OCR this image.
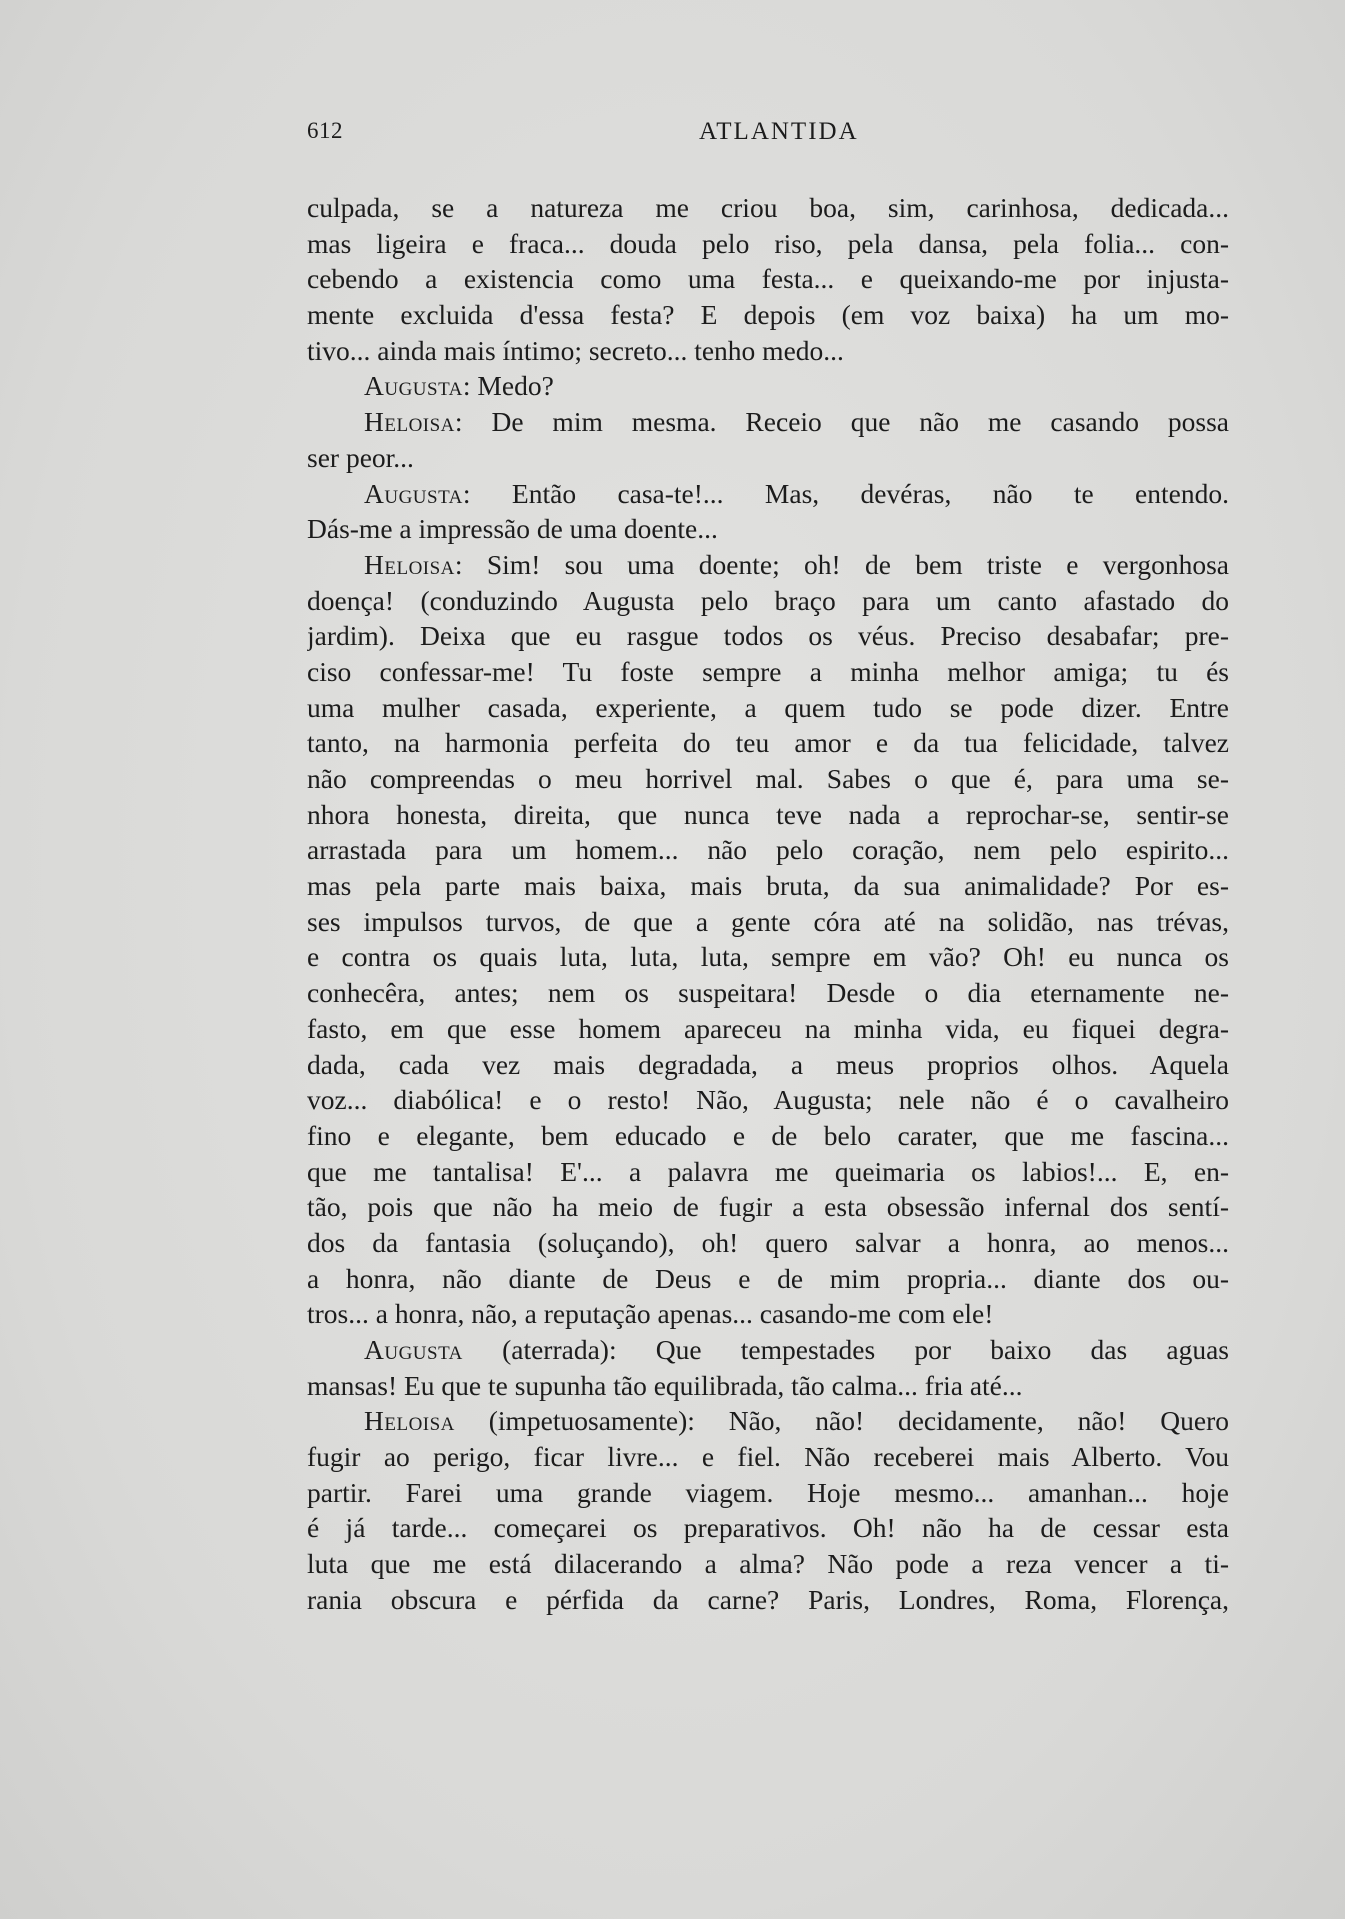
612	ATLANTIDA
culpada, se a natureza me criou boa, sim, carinhosa, dedicada...
mas ligeira e fraca... douda pelo riso, pela dansa, pela folia... con-
cebendo a existencia como uma festa... e queixando-me por injusta-
mente excluida d'essa festa? E depois (em voz baixa) ha um mo-
tivo... ainda mais íntimo; secreto... tenho medo...
Augusta: Medo?
Heloisa: De mim mesma. Receio que não me casando possa
ser peor...
Augusta: Então casa-te!... Mas, devéras, não te entendo.
Dás-me a impressão de uma doente...
Heloisa: Sim! sou uma doente; oh! de bem triste e vergonhosa
doença! (conduzindo Augusta pelo braço para um canto afastado do
jardim). Deixa que eu rasgue todos os véus. Preciso desabafar; pre-
ciso confessar-me! Tu foste sempre a minha melhor amiga; tu és
uma mulher casada, experiente, a quem tudo se pode dizer. Entre
tanto, na harmonia perfeita do teu amor e da tua felicidade, talvez
não compreendas o meu horrivel mal. Sabes o que é, para uma se-
nhora honesta, direita, que nunca teve nada a reprochar-se, sentir-se
arrastada para um homem... não pelo coração, nem pelo espirito...
mas pela parte mais baixa, mais bruta, da sua animalidade? Por es-
ses impulsos turvos, de que a gente córa até na solidão, nas trévas,
e contra os quais luta, luta, luta, sempre em vão? Oh! eu nunca os
conhecêra, antes; nem os suspeitara! Desde o dia eternamente ne-
fasto, em que esse homem apareceu na minha vida, eu fiquei degra-
dada, cada vez mais degradada, a meus proprios olhos. Aquela
voz... diabólica! e o resto! Não, Augusta; nele não é o cavalheiro
fino e elegante, bem educado e de belo carater, que me fascina...
que me tantalisa! E'... a palavra me queimaria os labios!... E, en-
tão, pois que não ha meio de fugir a esta obsessão infernal dos sentí-
dos da fantasia (soluçando), oh! quero salvar a honra, ao menos...
a honra, não diante de Deus e de mim propria... diante dos ou-
tros... a honra, não, a reputação apenas... casando-me com ele!
Augusta (aterrada): Que tempestades por baixo das aguas
mansas! Eu que te supunha tão equilibrada, tão calma... fria até...
Heloisa (impetuosamente): Não, não! decidamente, não! Quero
fugir ao perigo, ficar livre... e fiel. Não receberei mais Alberto. Vou
partir. Farei uma grande viagem. Hoje mesmo... amanhan... hoje
é já tarde... começarei os preparativos. Oh! não ha de cessar esta
luta que me está dilacerando a alma? Não pode a reza vencer a ti-
rania obscura e pérfida da carne? Paris, Londres, Roma, Florença,
